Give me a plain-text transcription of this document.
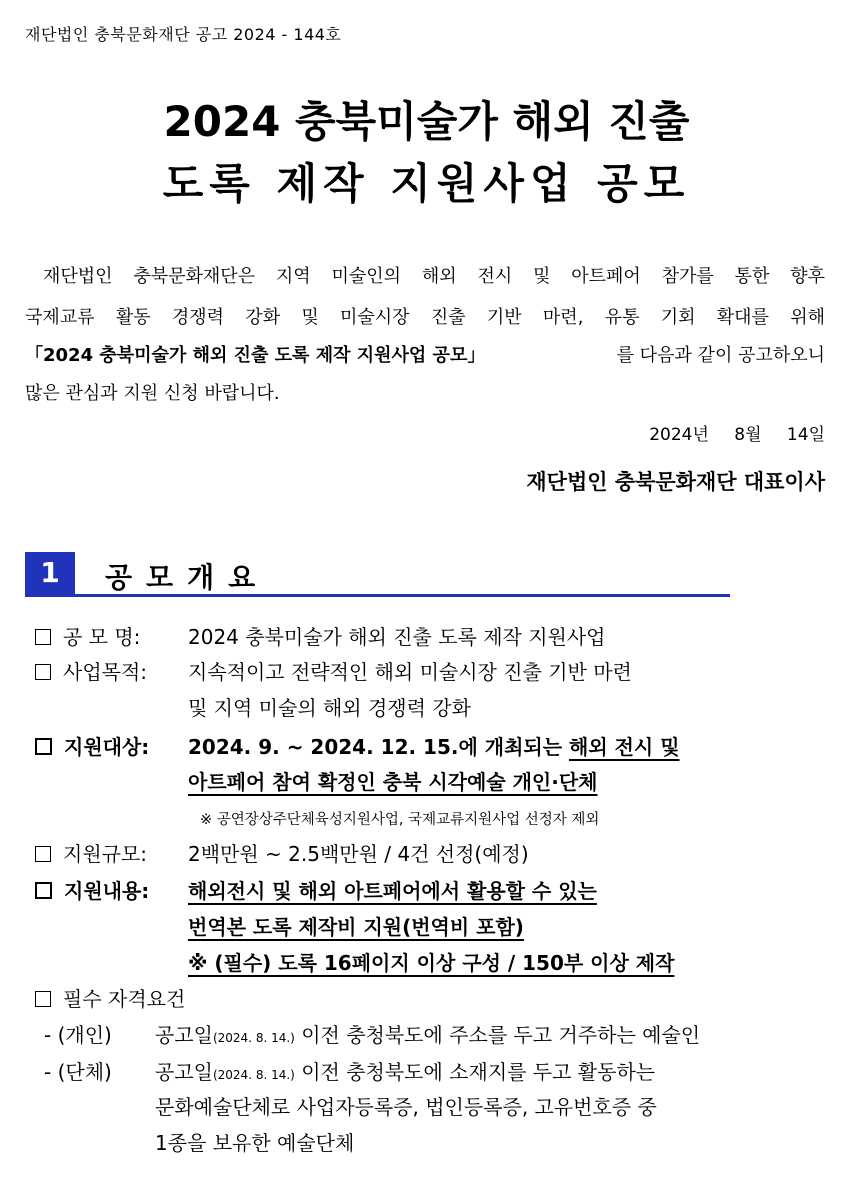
재단법인 충북문화재단 공고 2024 - 144호
2024 충북미술가 해외 진출
도록 제작 지원사업 공모
재단법인 충북문화재단은 지역 미술인의 해외 전시 및 아트페어 참가를 통한 향후
국제교류 활동 경쟁력 강화 및 미술시장 진출 기반 마련, 유통 기회 확대를 위해
「2024 충북미술가 해외 진출 도록 제작 지원사업 공모」	를 다음과 같이 공고하오니
많은 관심과 지원 신청 바랍니다.
2024년 8월 14일
재단법인 충북문화재단 대표이사
1	공모개요
공 모 명: 2024 충북미술가 해외 진출 도록 제작 지원사업
사업목적: 지속적이고 전략적인 해외 미술시장 진출 기반 마련
및 지역 미술의 해외 경쟁력 강화
지원대상: 2024. 9. ~ 2024. 12. 15.에 개최되는 해외 전시 및
아트페어 참여 확정인 충북 시각예술 개인·단체
※ 공연장상주단체육성지원사업, 국제교류지원사업 선정자 제외
지원규모: 2백만원 ~ 2.5백만원 / 4건 선정(예정)
지원내용: 해외전시 및 해외 아트페어에서 활용할 수 있는
번역본 도록 제작비 지원(번역비 포함)
※ (필수) 도록 16페이지 이상 구성 / 150부 이상 제작
필수 자격요건
- (개인) 공고일(2024. 8. 14.) 이전 충청북도에 주소를 두고 거주하는 예술인
- (단체) 공고일(2024. 8. 14.) 이전 충청북도에 소재지를 두고 활동하는
문화예술단체로 사업자등록증, 법인등록증, 고유번호증 중
1종을 보유한 예술단체
